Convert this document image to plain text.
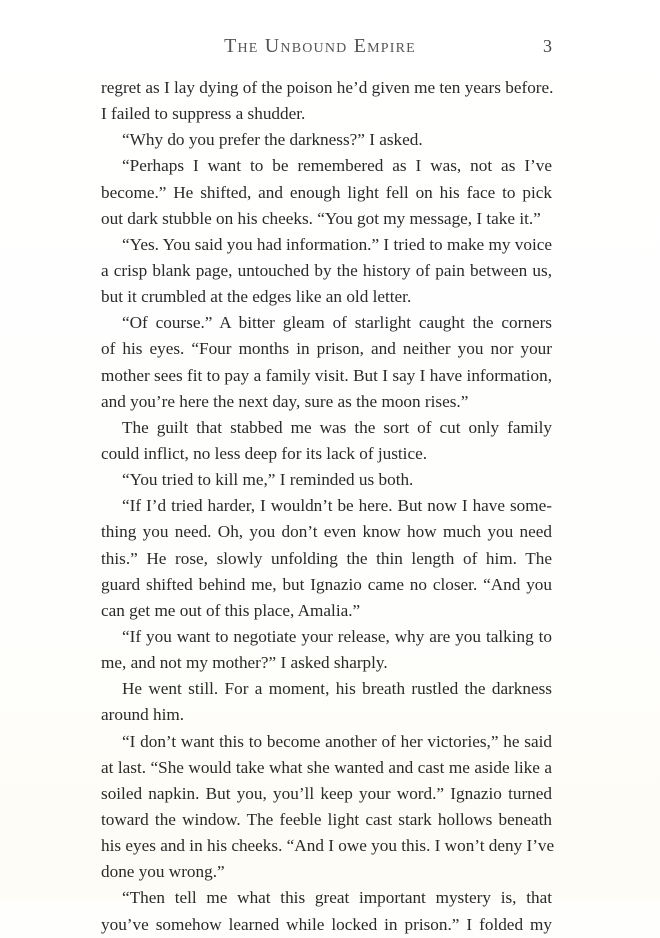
The Unbound Empire	3
regret as I lay dying of the poison he’d given me ten years before.
I failed to suppress a shudder.
“Why do you prefer the darkness?” I asked.
“Perhaps I want to be remembered as I was, not as I’ve
become.” He shifted, and enough light fell on his face to pick
out dark stubble on his cheeks. “You got my message, I take it.”
“Yes. You said you had information.” I tried to make my voice
a crisp blank page, untouched by the history of pain between us,
but it crumbled at the edges like an old letter.
“Of course.” A bitter gleam of starlight caught the corners
of his eyes. “Four months in prison, and neither you nor your
mother sees fit to pay a family visit. But I say I have information,
and you’re here the next day, sure as the moon rises.”
The guilt that stabbed me was the sort of cut only family
could inflict, no less deep for its lack of justice.
“You tried to kill me,” I reminded us both.
“If I’d tried harder, I wouldn’t be here. But now I have some-
thing you need. Oh, you don’t even know how much you need
this.” He rose, slowly unfolding the thin length of him. The
guard shifted behind me, but Ignazio came no closer. “And you
can get me out of this place, Amalia.”
“If you want to negotiate your release, why are you talking to
me, and not my mother?” I asked sharply.
He went still. For a moment, his breath rustled the darkness
around him.
“I don’t want this to become another of her victories,” he said
at last. “She would take what she wanted and cast me aside like a
soiled napkin. But you, you’ll keep your word.” Ignazio turned
toward the window. The feeble light cast stark hollows beneath
his eyes and in his cheeks. “And I owe you this. I won’t deny I’ve
done you wrong.”
“Then tell me what this great important mystery is, that
you’ve somehow learned while locked in prison.” I folded my
